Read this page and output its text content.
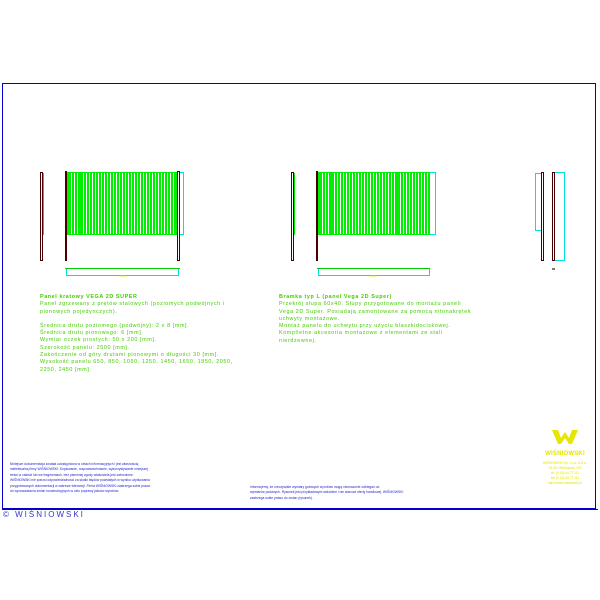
© WIŚNIOWSKI
2500	2500

Panel kratowy VEGA 2D SUPER

Panel zgrzewany z prętów stalowych (poziomych podwójnych i

pionowych pojedynczych).

Średnica drutu poziomego (podwójny): 2 x 8 [mm].

Średnica drutu pionowego: 6 [mm].

Wymiar oczek prostych: 50 x 200 [mm].

Szerokość panelu: 2500 [mm].

Zakończenie od góry drutami pionowymi o długości 30 [mm].

Wysokość panelu 650, 850, 1050, 1250, 1450, 1650, 1850, 2050,

2250, 2450 [mm].

Bramka typ L (panel Vega 2D Super)

Przekrój słupa 60x40. Słupy przygotowane do montażu paneli

Vega 2D Super. Posiadają zamontowane za pomocą nitonakrętek

uchwyty montażowe.

Montaż panelu do uchwytu przy użyciu blaszkidociskowej.

Komplletne akcesoria montażowe z elementami ze stali

nierdzewnej.

Niniejsze dokumentacja została udostępniona w celach informacyjnych i jest własnością

intelektualną firmy WIŚNIOWSKI. Kopiowanie, rozpowszechnianie, wykorzystywanie niniejszej

treści w całości lub we fragmentach, bez pisemnej zgody właściciela jest zabronione.

WIŚNIOWSKI nie ponosi odpowiedzialności za skutki błędów powstałych w wyniku użytkowania

przygotowanych dokumentacji w zakresie tolerancji. Firma WIŚNIOWSKI zastrzega sobie prawo

do wprowadzania zmian konstrukcyjnych w celu poprawy jakości wyrobów.

Informujemy, że rzeczywiste wymiary gotowych wyrobów mogą nieznacznie odbiegać od

wymiarów podanych. Rysunek jest przykładowym widokiem i nie stanowi oferty handlowej. WIŚNIOWSKI

zastrzega sobie prawo do zmian (rysunek).

WIŚNIOWSKI
WIŚNIOWSKI Sp. z o.o. S.K.A.
33-311 Wielogłowy 153
tel. (0-18) 44 77 111
fax (0-18) 44 77 110
http://www.wisniowski.pl
